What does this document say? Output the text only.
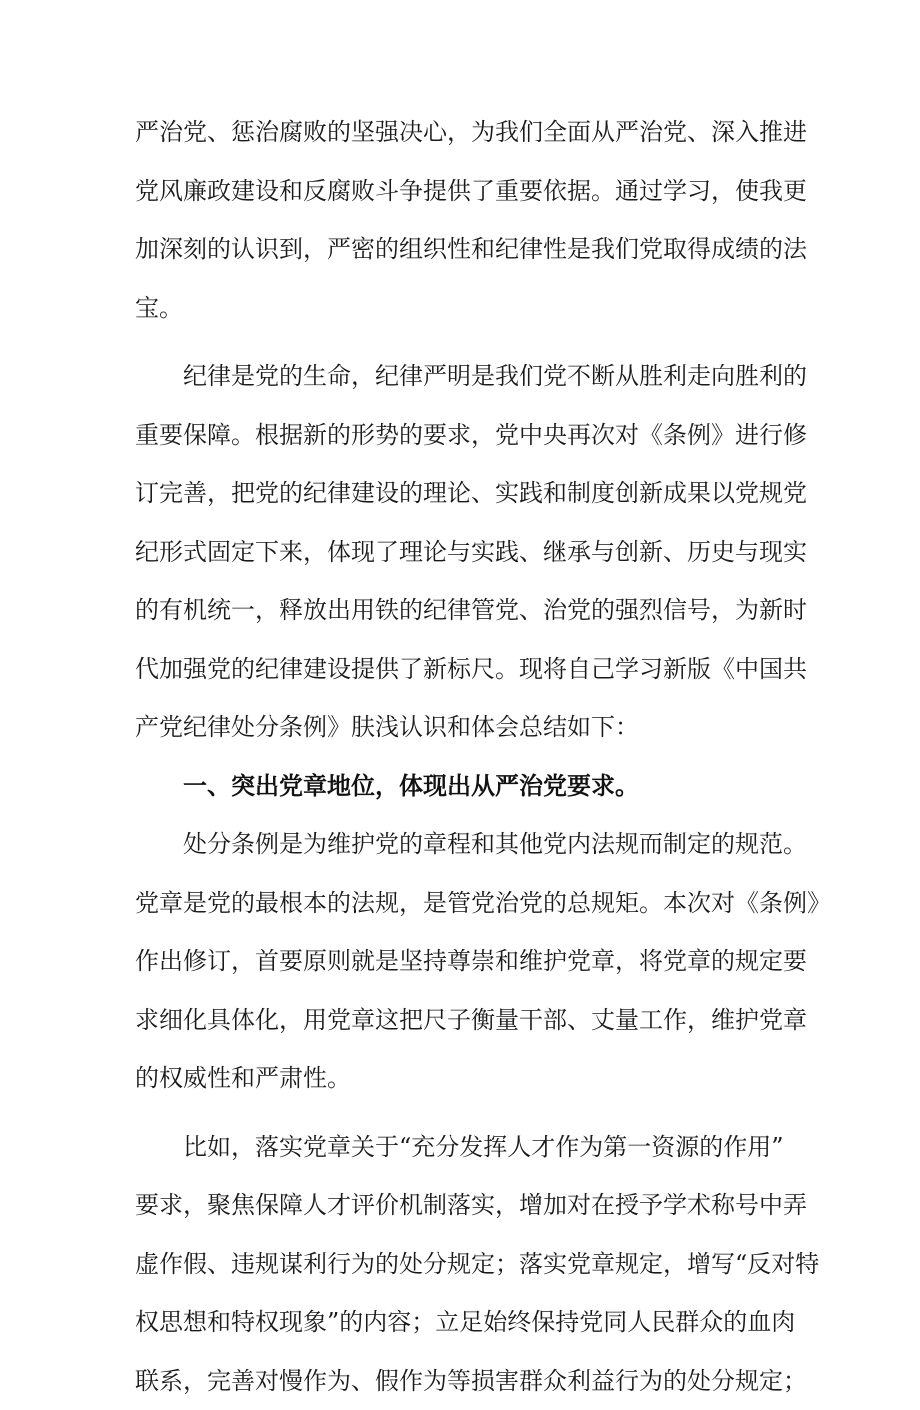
严治党、惩治腐败的坚强决心，为我们全面从严治党、深入推进
党风廉政建设和反腐败斗争提供了重要依据。通过学习，使我更
加深刻的认识到，严密的组织性和纪律性是我们党取得成绩的法
宝。
纪律是党的生命，纪律严明是我们党不断从胜利走向胜利的
重要保障。根据新的形势的要求，党中央再次对《条例》进行修
订完善，把党的纪律建设的理论、实践和制度创新成果以党规党
纪形式固定下来，体现了理论与实践、继承与创新、历史与现实
的有机统一，释放出用铁的纪律管党、治党的强烈信号，为新时
代加强党的纪律建设提供了新标尺。现将自己学习新版《中国共
产党纪律处分条例》肤浅认识和体会总结如下：
一、突出党章地位，体现出从严治党要求。
处分条例是为维护党的章程和其他党内法规而制定的规范。
党章是党的最根本的法规，是管党治党的总规矩。本次对《条例》
作出修订，首要原则就是坚持尊崇和维护党章，将党章的规定要
求细化具体化，用党章这把尺子衡量干部、丈量工作，维护党章
的权威性和严肃性。
比如，落实党章关于“充分发挥人才作为第一资源的作用”
要求，聚焦保障人才评价机制落实，增加对在授予学术称号中弄
虚作假、违规谋利行为的处分规定；落实党章规定，增写“反对特
权思想和特权现象”的内容；立足始终保持党同人民群众的血肉
联系，完善对慢作为、假作为等损害群众利益行为的处分规定；
